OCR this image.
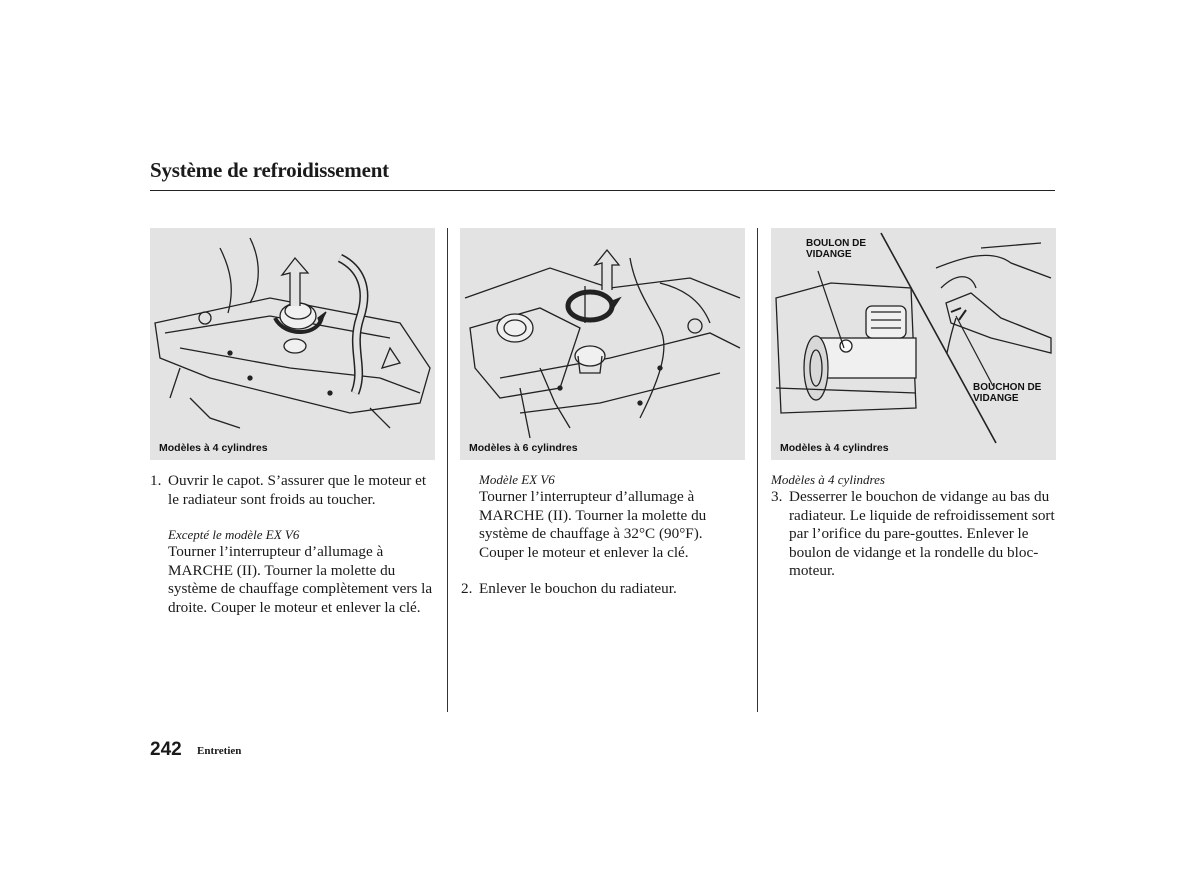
Système de refroidissement
Modèles à 4 cylindres	Modèles à 6 cylindres
BOULON DE
VIDANGE
BOUCHON DE
VIDANGE
Modèles à 4 cylindres
1. Ouvrir le capot. S’assurer que le moteur et le radiateur sont froids au toucher.
Excepté le modèle EX V6
Tourner l’interrupteur d’allumage à MARCHE (II). Tourner la molette du système de chauffage complètement vers la droite. Couper le moteur et enlever la clé.
Modèle EX V6
Tourner l’interrupteur d’allumage à MARCHE (II). Tourner la molette du système de chauffage à 32°C (90°F). Couper le moteur et enlever la clé.
2. Enlever le bouchon du radiateur.
Modèles à 4 cylindres
3. Desserrer le bouchon de vidange au bas du radiateur. Le liquide de refroidissement sort par l’orifice du pare-gouttes. Enlever le boulon de vidange et la rondelle du bloc-moteur.
242 Entretien
